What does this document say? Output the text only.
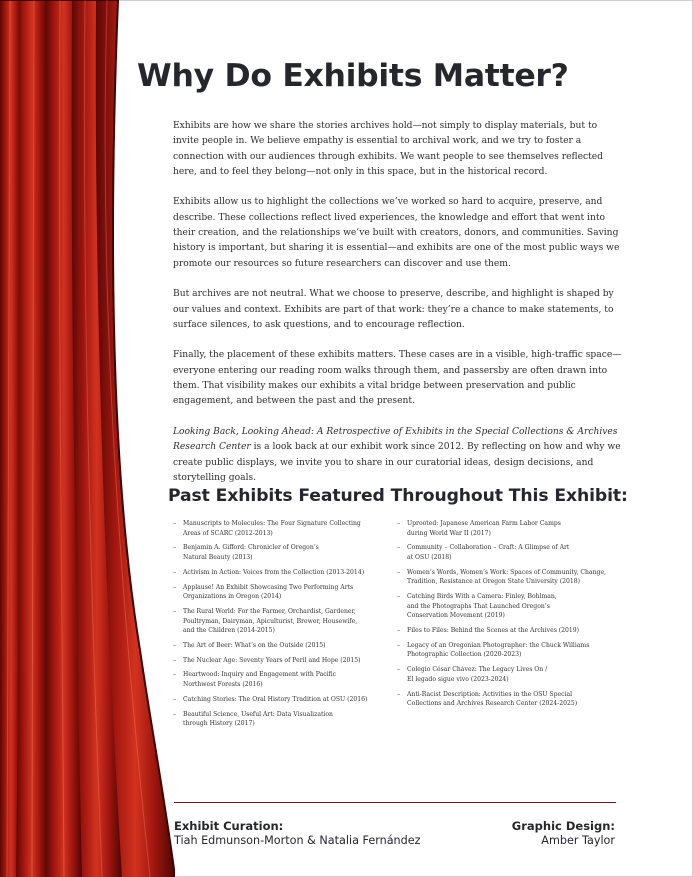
Why Do Exhibits Matter?

Exhibits are how we share the stories archives hold—not simply to display materials, but to invite people in. We believe empathy is essential to archival work, and we try to foster a connection with our audiences through exhibits. We want people to see themselves reflected here, and to feel they belong—not only in this space, but in the historical record.

Exhibits allow us to highlight the collections we’ve worked so hard to acquire, preserve, and describe. These collections reflect lived experiences, the knowledge and effort that went into their creation, and the relationships we’ve built with creators, donors, and communities. Saving history is important, but sharing it is essential—and exhibits are one of the most public ways we promote our resources so future researchers can discover and use them.

But archives are not neutral. What we choose to preserve, describe, and highlight is shaped by our values and context. Exhibits are part of that work: they’re a chance to make statements, to surface silences, to ask questions, and to encourage reflection.

Finally, the placement of these exhibits matters. These cases are in a visible, high-traffic space—everyone entering our reading room walks through them, and passersby are often drawn into them. That visibility makes our exhibits a vital bridge between preservation and public engagement, and between the past and the present.

Looking Back, Looking Ahead: A Retrospective of Exhibits in the Special Collections & Archives Research Center is a look back at our exhibit work since 2012. By reflecting on how and why we create public displays, we invite you to share in our curatorial ideas, design decisions, and storytelling goals.

Past Exhibits Featured Throughout This Exhibit:
– Manuscripts to Molecules: The Four Signature Collecting
Areas of SCARC (2012-2013)
– Benjamin A. Gifford: Chronicler of Oregon’s
Natural Beauty (2013)
– Activism in Action: Voices from the Collection (2013-2014)
– Applause! An Exhibit Showcasing Two Performing Arts
Organizations in Oregon (2014)
– The Rural World: For the Farmer, Orchardist, Gardener,
Poultryman, Dairyman, Apiculturist, Brewer, Housewife,
and the Children (2014-2015)
– The Art of Beer: What’s on the Outside (2015)
– The Nuclear Age: Seventy Years of Peril and Hope (2015)
– Heartwood: Inquiry and Engagement with Pacific
Northwest Forests (2016)
– Catching Stories: The Oral History Tradition at OSU (2016)
– Beautiful Science, Useful Art: Data Visualization
through History (2017)
– Uprooted: Japanese American Farm Labor Camps
during World War II (2017)
– Community – Collaboration – Craft: A Glimpse of Art
at OSU (2018)
– Women’s Words, Women’s Work: Spaces of Community, Change,
Tradition, Resistance at Oregon State University (2018)
– Catching Birds With a Camera: Finley, Bohlman,
and the Photographs That Launched Oregon’s
Conservation Movement (2019)
– Files to Files: Behind the Scenes at the Archives (2019)
– Legacy of an Oregonian Photographer: the Chuck Williams
Photographic Collection (2020-2023)
– Colegio César Chávez: The Legacy Lives On /
El legado sigue vivo (2023-2024)
– Anti-Racist Description: Activities in the OSU Special
Collections and Archives Research Center (2024-2025)

Exhibit Curation:

Tiah Edmunson-Morton & Natalia Fernández

Graphic Design:

Amber Taylor
